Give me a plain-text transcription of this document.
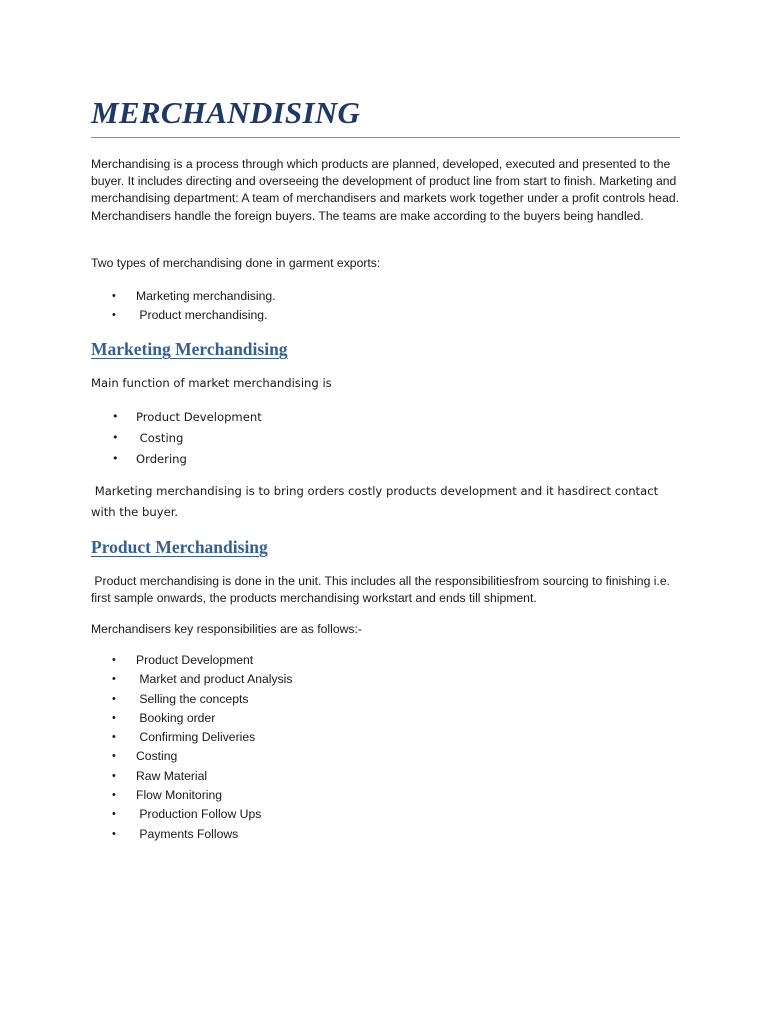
MERCHANDISING

Merchandising is a process through which products are planned, developed, executed and presented to the buyer. It includes directing and overseeing the development of product line from start to finish. Marketing and merchandising department: A team of merchandisers and markets work together under a profit controls head. Merchandisers handle the foreign buyers. The teams are make according to the buyers being handled.

Two types of merchandising done in garment exports:

• Marketing merchandising.
• Product merchandising.
Marketing Merchandising

Main function of market merchandising is

• Product Development
• Costing
• Ordering

Marketing merchandising is to bring orders costly products development and it hasdirect contact with the buyer.

Product Merchandising

Product merchandising is done in the unit. This includes all the responsibilitiesfrom sourcing to finishing i.e. first sample onwards, the products merchandising workstart and ends till shipment.

Merchandisers key responsibilities are as follows:-

• Product Development
• Market and product Analysis
• Selling the concepts
• Booking order
• Confirming Deliveries
• Costing
• Raw Material
• Flow Monitoring
• Production Follow Ups
• Payments Follows
